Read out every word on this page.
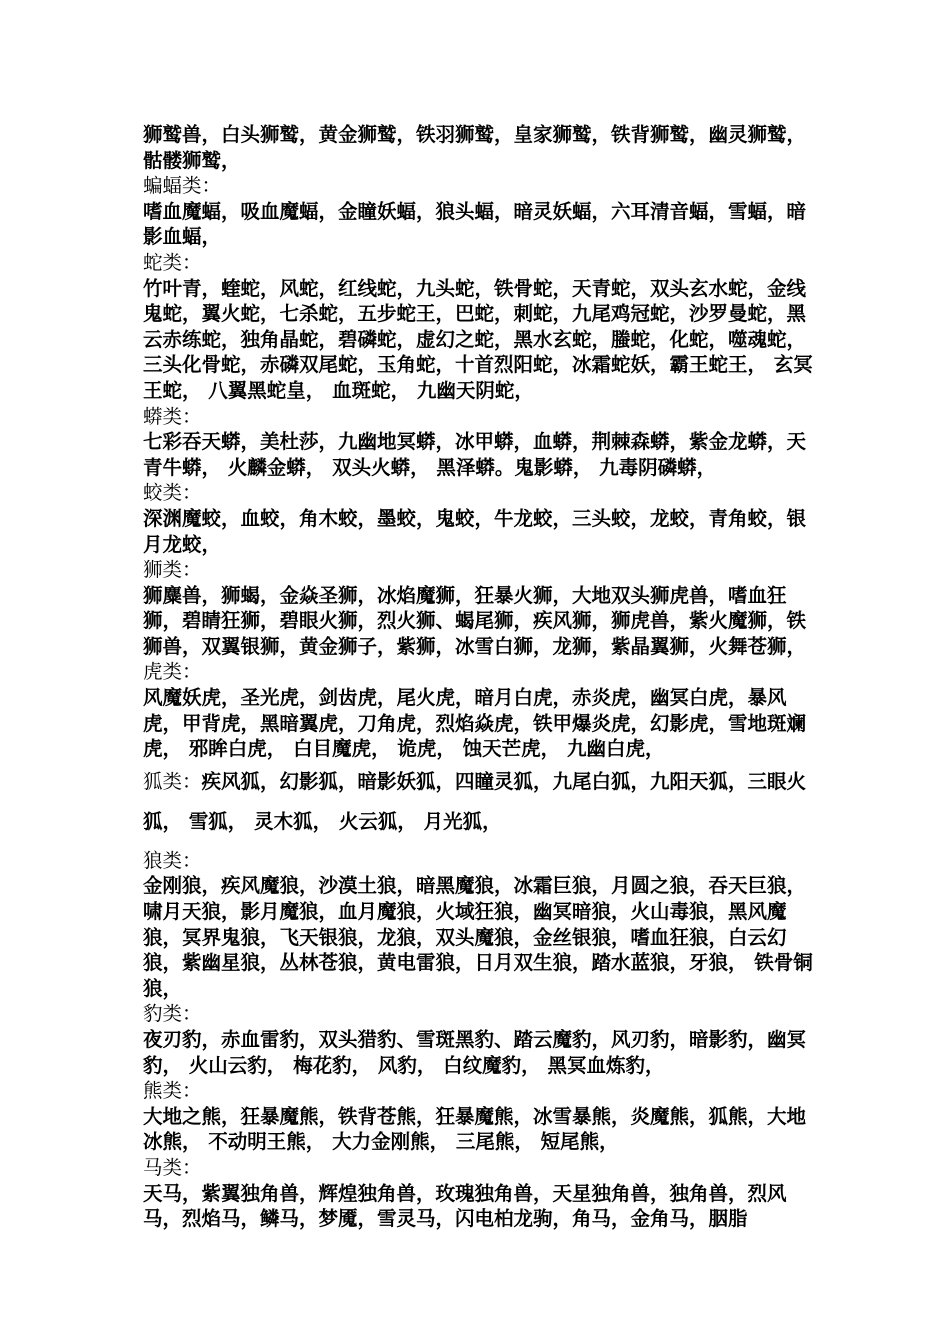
狮鹫兽，白头狮鹫，黄金狮鹫，铁羽狮鹫，皇家狮鹫，铁背狮鹫，幽灵狮鹫，骷髅狮鹫，

蝙蝠类：

嗜血魔蝠，吸血魔蝠，金瞳妖蝠，狼头蝠，暗灵妖蝠，六耳清音蝠，雪蝠，暗影血蝠，

蛇类：

竹叶青，蝰蛇，风蛇，红线蛇，九头蛇，铁骨蛇，天青蛇，双头玄水蛇，金线鬼蛇，翼火蛇，七杀蛇，五步蛇王，巴蛇，刺蛇，九尾鸡冠蛇，沙罗曼蛇，黑云赤练蛇，独角晶蛇，碧磷蛇，虚幻之蛇，黑水玄蛇，螣蛇，化蛇，噬魂蛇，三头化骨蛇，赤磷双尾蛇，玉角蛇，十首烈阳蛇，冰霜蛇妖，霸王蛇王， 玄冥王蛇， 八翼黑蛇皇， 血斑蛇， 九幽天阴蛇，

蟒类：

七彩吞天蟒，美杜莎，九幽地冥蟒，冰甲蟒，血蟒，荆棘森蟒，紫金龙蟒，天青牛蟒， 火麟金蟒， 双头火蟒， 黑泽蟒。鬼影蟒， 九毒阴磷蟒，

蛟类：

深渊魔蛟，血蛟，角木蛟，墨蛟，鬼蛟，牛龙蛟，三头蛟，龙蛟，青角蛟，银月龙蛟，

狮类：

狮麋兽，狮蝎，金焱圣狮，冰焰魔狮，狂暴火狮，大地双头狮虎兽，嗜血狂狮，碧睛狂狮，碧眼火狮，烈火狮、蝎尾狮，疾风狮，狮虎兽，紫火魔狮，铁狮兽，双翼银狮，黄金狮子，紫狮，冰雪白狮，龙狮，紫晶翼狮，火舞苍狮，

虎类：

风魔妖虎，圣光虎，剑齿虎，尾火虎，暗月白虎，赤炎虎，幽冥白虎，暴风虎，甲背虎，黑暗翼虎，刀角虎，烈焰焱虎，铁甲爆炎虎，幻影虎，雪地斑斓虎， 邪眸白虎， 白目魔虎， 诡虎， 蚀天芒虎， 九幽白虎，

狐类：疾风狐，幻影狐，暗影妖狐，四瞳灵狐，九尾白狐，九阳天狐，三眼火狐， 雪狐， 灵木狐， 火云狐， 月光狐，

狼类：

金刚狼，疾风魔狼，沙漠土狼，暗黑魔狼，冰霜巨狼，月圆之狼，吞天巨狼，啸月天狼，影月魔狼，血月魔狼，火域狂狼，幽冥暗狼，火山毒狼，黑风魔狼，冥界鬼狼，飞天银狼，龙狼，双头魔狼，金丝银狼，嗜血狂狼，白云幻狼，紫幽星狼，丛林苍狼，黄电雷狼，日月双生狼，踏水蓝狼，牙狼， 铁骨铜狼，

豹类：

夜刃豹，赤血雷豹，双头猎豹、雪斑黑豹、踏云魔豹，风刃豹，暗影豹，幽冥豹， 火山云豹， 梅花豹， 风豹， 白纹魔豹， 黑冥血炼豹，

熊类：

大地之熊，狂暴魔熊，铁背苍熊，狂暴魔熊，冰雪暴熊，炎魔熊，狐熊，大地冰熊， 不动明王熊， 大力金刚熊， 三尾熊， 短尾熊，

马类：

天马，紫翼独角兽，辉煌独角兽，玫瑰独角兽，天星独角兽，独角兽，烈风马，烈焰马，鳞马，梦魇，雪灵马，闪电柏龙驹，角马，金角马，胭脂
